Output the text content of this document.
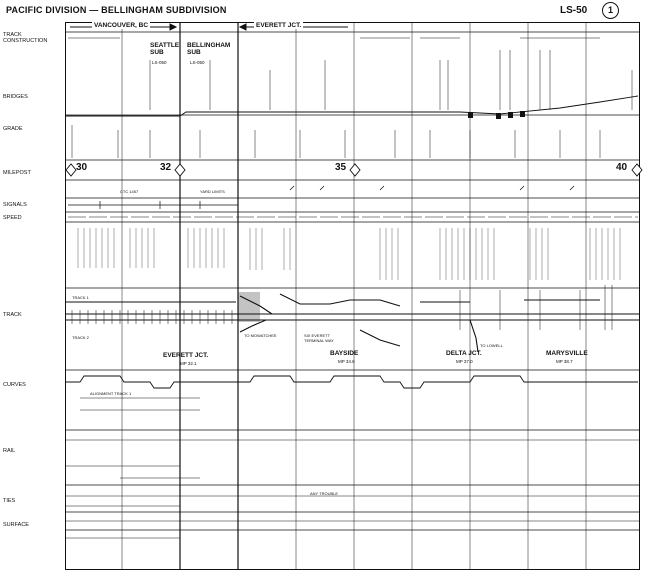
PACIFIC DIVISION — BELLINGHAM SUBDIVISION	LS-50	1
TRACK CONSTRUCTION
BRIDGES
GRADE
MILEPOST
SIGNALS
SPEED
TRACK
CURVES
RAIL
TIES
SURFACE
VANCOUVER, BC	EVERETT JCT.
SEATTLE SUB
LS-050
BELLINGHAM SUB
LS-050
30	32	35	40
CTC 1457	YARD LIMITS
TRACK 1
TRACK 2	TO MOWATCHEE	SIX EVERETT TERMINAL WAY
TO LOWELL
ALIGNMENT TRACK 1
ANY TROUBLE
EVERETT JCT.
MP 32.1
BAYSIDE
MP 34.6
DELTA JCT.
MP 37.0
MARYSVILLE
MP 38.7
